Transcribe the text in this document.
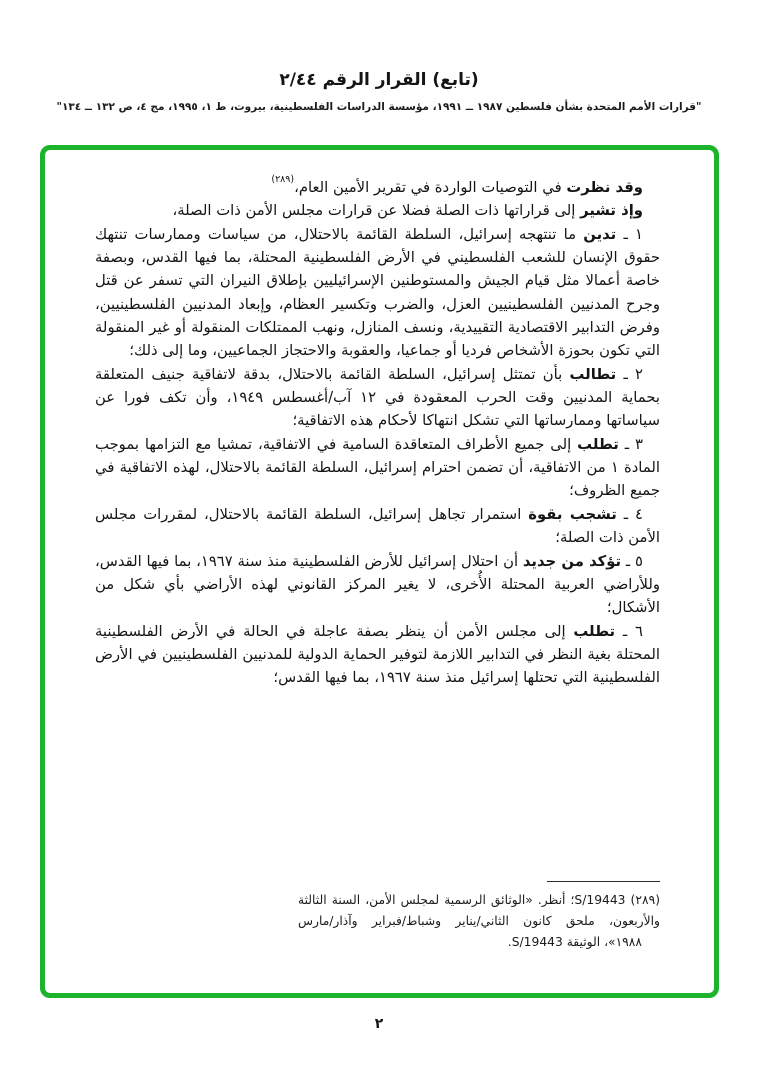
(تابع) القرار الرقم ٢/٤٤
"قرارات الأمم المتحدة بشأن فلسطين ١٩٨٧ ــ ١٩٩١، مؤسسة الدراسات الفلسطينية، بيروت، ط ١، ١٩٩٥، مج ٤، ص ١٣٢ ــ ١٣٤"

وقد نظرت في التوصيات الواردة في تقرير الأمين العام،$^{(٢٨٩)}$

وإذ تشير إلى قراراتها ذات الصلة فضلا عن قرارات مجلس الأمن ذات الصلة،

١ ـ تدين ما تنتهجه إسرائيل، السلطة القائمة بالاحتلال، من سياسات وممارسات تنتهك حقوق الإنسان للشعب الفلسطيني في الأرض الفلسطينية المحتلة، بما فيها القدس، وبصفة خاصة أعمالا مثل قيام الجيش والمستوطنين الإسرائيليين بإطلاق النيران التي تسفر عن قتل وجرح المدنيين الفلسطينيين العزل، والضرب وتكسير العظام، وإبعاد المدنيين الفلسطينيين، وفرض التدابير الاقتصادية التقييدية، ونسف المنازل، ونهب الممتلكات المنقولة أو غير المنقولة التي تكون بحوزة الأشخاص فرديا أو جماعيا، والعقوبة والاحتجاز الجماعيين، وما إلى ذلك؛

٢ ـ تطالب بأن تمتثل إسرائيل، السلطة القائمة بالاحتلال، بدقة لاتفاقية جنيف المتعلقة بحماية المدنيين وقت الحرب المعقودة في ١٢ آب/أغسطس ١٩٤٩، وأن تكف فورا عن سياساتها وممارساتها التي تشكل انتهاكا لأحكام هذه الاتفاقية؛

٣ ـ تطلب إلى جميع الأطراف المتعاقدة السامية في الاتفاقية، تمشيا مع التزامها بموجب المادة ١ من الاتفاقية، أن تضمن احترام إسرائيل، السلطة القائمة بالاحتلال، لهذه الاتفاقية في جميع الظروف؛

٤ ـ تشجب بقوة استمرار تجاهل إسرائيل، السلطة القائمة بالاحتلال، لمقررات مجلس الأمن ذات الصلة؛

٥ ـ تؤكد من جديد أن احتلال إسرائيل للأرض الفلسطينية منذ سنة ١٩٦٧، بما فيها القدس، وللأراضي العربية المحتلة الأُخرى، لا يغير المركز القانوني لهذه الأراضي بأي شكل من الأشكال؛

٦ ـ تطلب إلى مجلس الأمن أن ينظر بصفة عاجلة في الحالة في الأرض الفلسطينية المحتلة بغية النظر في التدابير اللازمة لتوفير الحماية الدولية للمدنيين الفلسطينيين في الأرض الفلسطينية التي تحتلها إسرائيل منذ سنة ١٩٦٧، بما فيها القدس؛

(٢٨٩) S/19443؛ أنظر. «الوثائق الرسمية لمجلس الأمن، السنة الثالثة

والأربعون، ملحق كانون الثاني/يناير وشباط/فبراير وآذار/مارس

١٩٨٨»، الوثيقة S/19443.

٢
